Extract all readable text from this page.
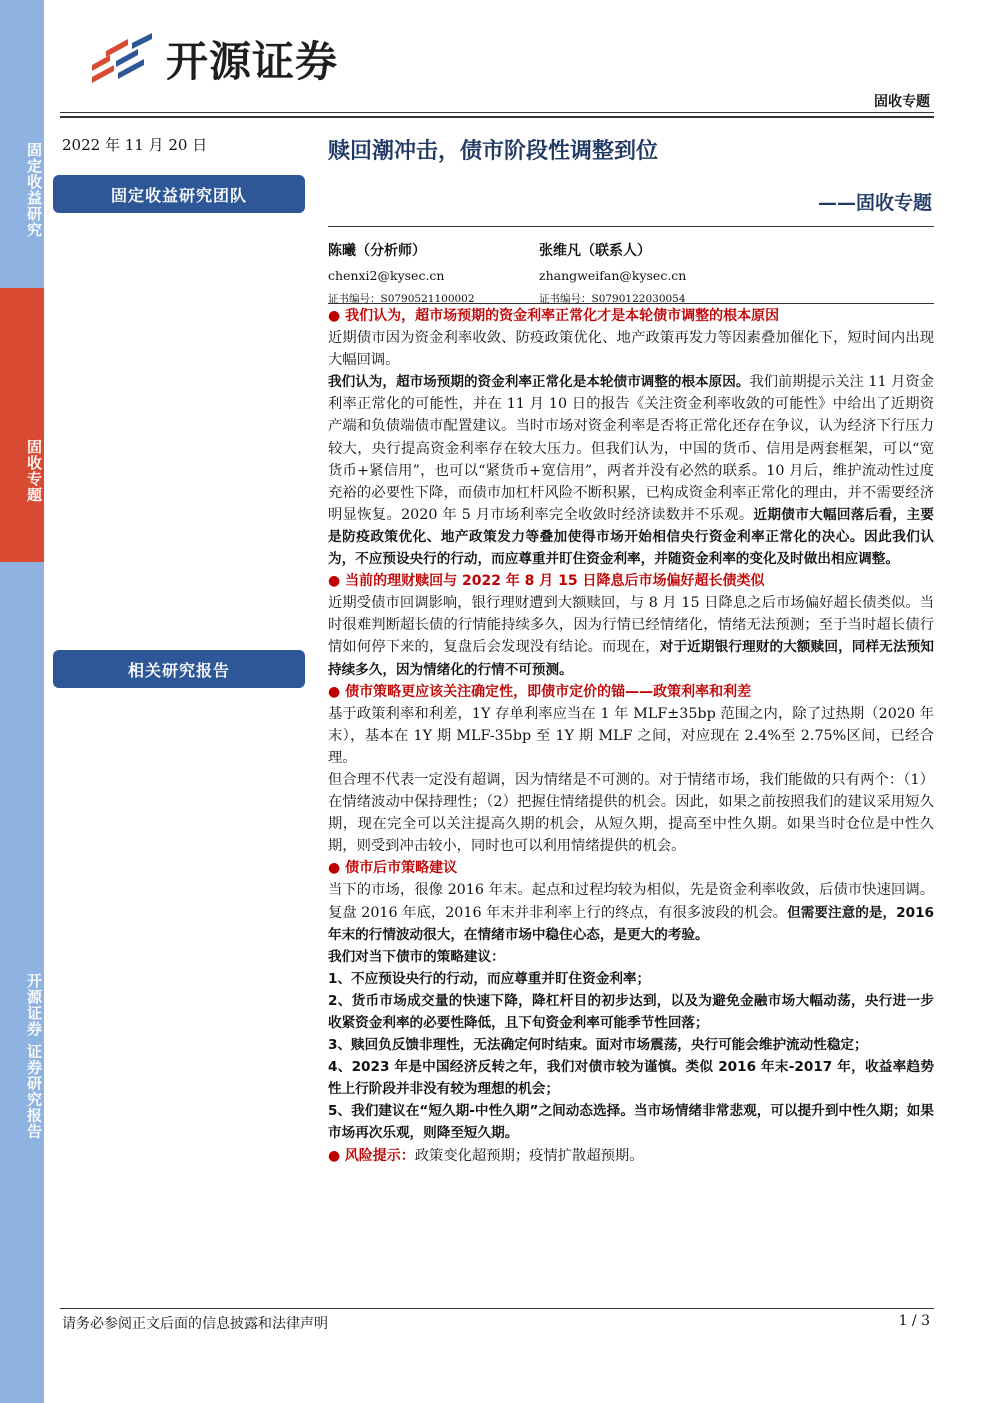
固定收益研究
固收专题
开源证券 证券研究报告
开源证券
固收专题
2022 年 11 月 20 日	赎回潮冲击，债市阶段性调整到位
固定收益研究团队	——固收专题
陈曦（分析师）
chenxi2@kysec.cn
证书编号：S0790521100002
张维凡（联系人）
zhangweifan@kysec.cn
证书编号：S0790122030054
相关研究报告

● 我们认为，超市场预期的资金利率正常化才是本轮债市调整的根本原因

近期债市因为资金利率收敛、防疫政策优化、地产政策再发力等因素叠加催化下，短时间内出现大幅回调。

我们认为，超市场预期的资金利率正常化是本轮债市调整的根本原因。我们前期提示关注 11 月资金利率正常化的可能性，并在 11 月 10 日的报告《关注资金利率收敛的可能性》中给出了近期资产端和负债端债市配置建议。当时市场对资金利率是否将正常化还存在争议，认为经济下行压力较大，央行提高资金利率存在较大压力。但我们认为，中国的货币、信用是两套框架，可以“宽货币+紧信用”，也可以“紧货币+宽信用”，两者并没有必然的联系。10 月后，维护流动性过度充裕的必要性下降，而债市加杠杆风险不断积累，已构成资金利率正常化的理由，并不需要经济明显恢复。2020 年 5 月市场利率完全收敛时经济读数并不乐观。近期债市大幅回落后看，主要是防疫政策优化、地产政策发力等叠加使得市场开始相信央行资金利率正常化的决心。因此我们认为，不应预设央行的行动，而应尊重并盯住资金利率，并随资金利率的变化及时做出相应调整。

● 当前的理财赎回与 2022 年 8 月 15 日降息后市场偏好超长债类似

近期受债市回调影响，银行理财遭到大额赎回，与 8 月 15 日降息之后市场偏好超长债类似。当时很难判断超长债的行情能持续多久，因为行情已经情绪化，情绪无法预测；至于当时超长债行情如何停下来的，复盘后会发现没有结论。而现在，对于近期银行理财的大额赎回，同样无法预知持续多久，因为情绪化的行情不可预测。

● 债市策略更应该关注确定性，即债市定价的锚——政策利率和利差

基于政策利率和利差，1Y 存单利率应当在 1 年 MLF±35bp 范围之内，除了过热期（2020 年末），基本在 1Y 期 MLF-35bp 至 1Y 期 MLF 之间，对应现在 2.4%至 2.75%区间，已经合理。

但合理不代表一定没有超调，因为情绪是不可测的。对于情绪市场，我们能做的只有两个：（1）在情绪波动中保持理性；（2）把握住情绪提供的机会。因此，如果之前按照我们的建议采用短久期，现在完全可以关注提高久期的机会，从短久期，提高至中性久期。如果当时仓位是中性久期，则受到冲击较小，同时也可以利用情绪提供的机会。

● 债市后市策略建议

当下的市场，很像 2016 年末。起点和过程均较为相似，先是资金利率收敛，后债市快速回调。复盘 2016 年底，2016 年末并非利率上行的终点，有很多波段的机会。但需要注意的是，2016 年末的行情波动很大，在情绪市场中稳住心态，是更大的考验。

我们对当下债市的策略建议：

1、不应预设央行的行动，而应尊重并盯住资金利率；

2、货币市场成交量的快速下降，降杠杆目的初步达到，以及为避免金融市场大幅动荡，央行进一步收紧资金利率的必要性降低，且下旬资金利率可能季节性回落；

3、赎回负反馈非理性，无法确定何时结束。面对市场震荡，央行可能会维护流动性稳定；

4、2023 年是中国经济反转之年，我们对债市较为谨慎。类似 2016 年末-2017 年，收益率趋势性上行阶段并非没有较为理想的机会；

5、我们建议在“短久期-中性久期”之间动态选择。当市场情绪非常悲观，可以提升到中性久期；如果市场再次乐观，则降至短久期。

● 风险提示：政策变化超预期；疫情扩散超预期。

请务必参阅正文后面的信息披露和法律声明	1 / 3
